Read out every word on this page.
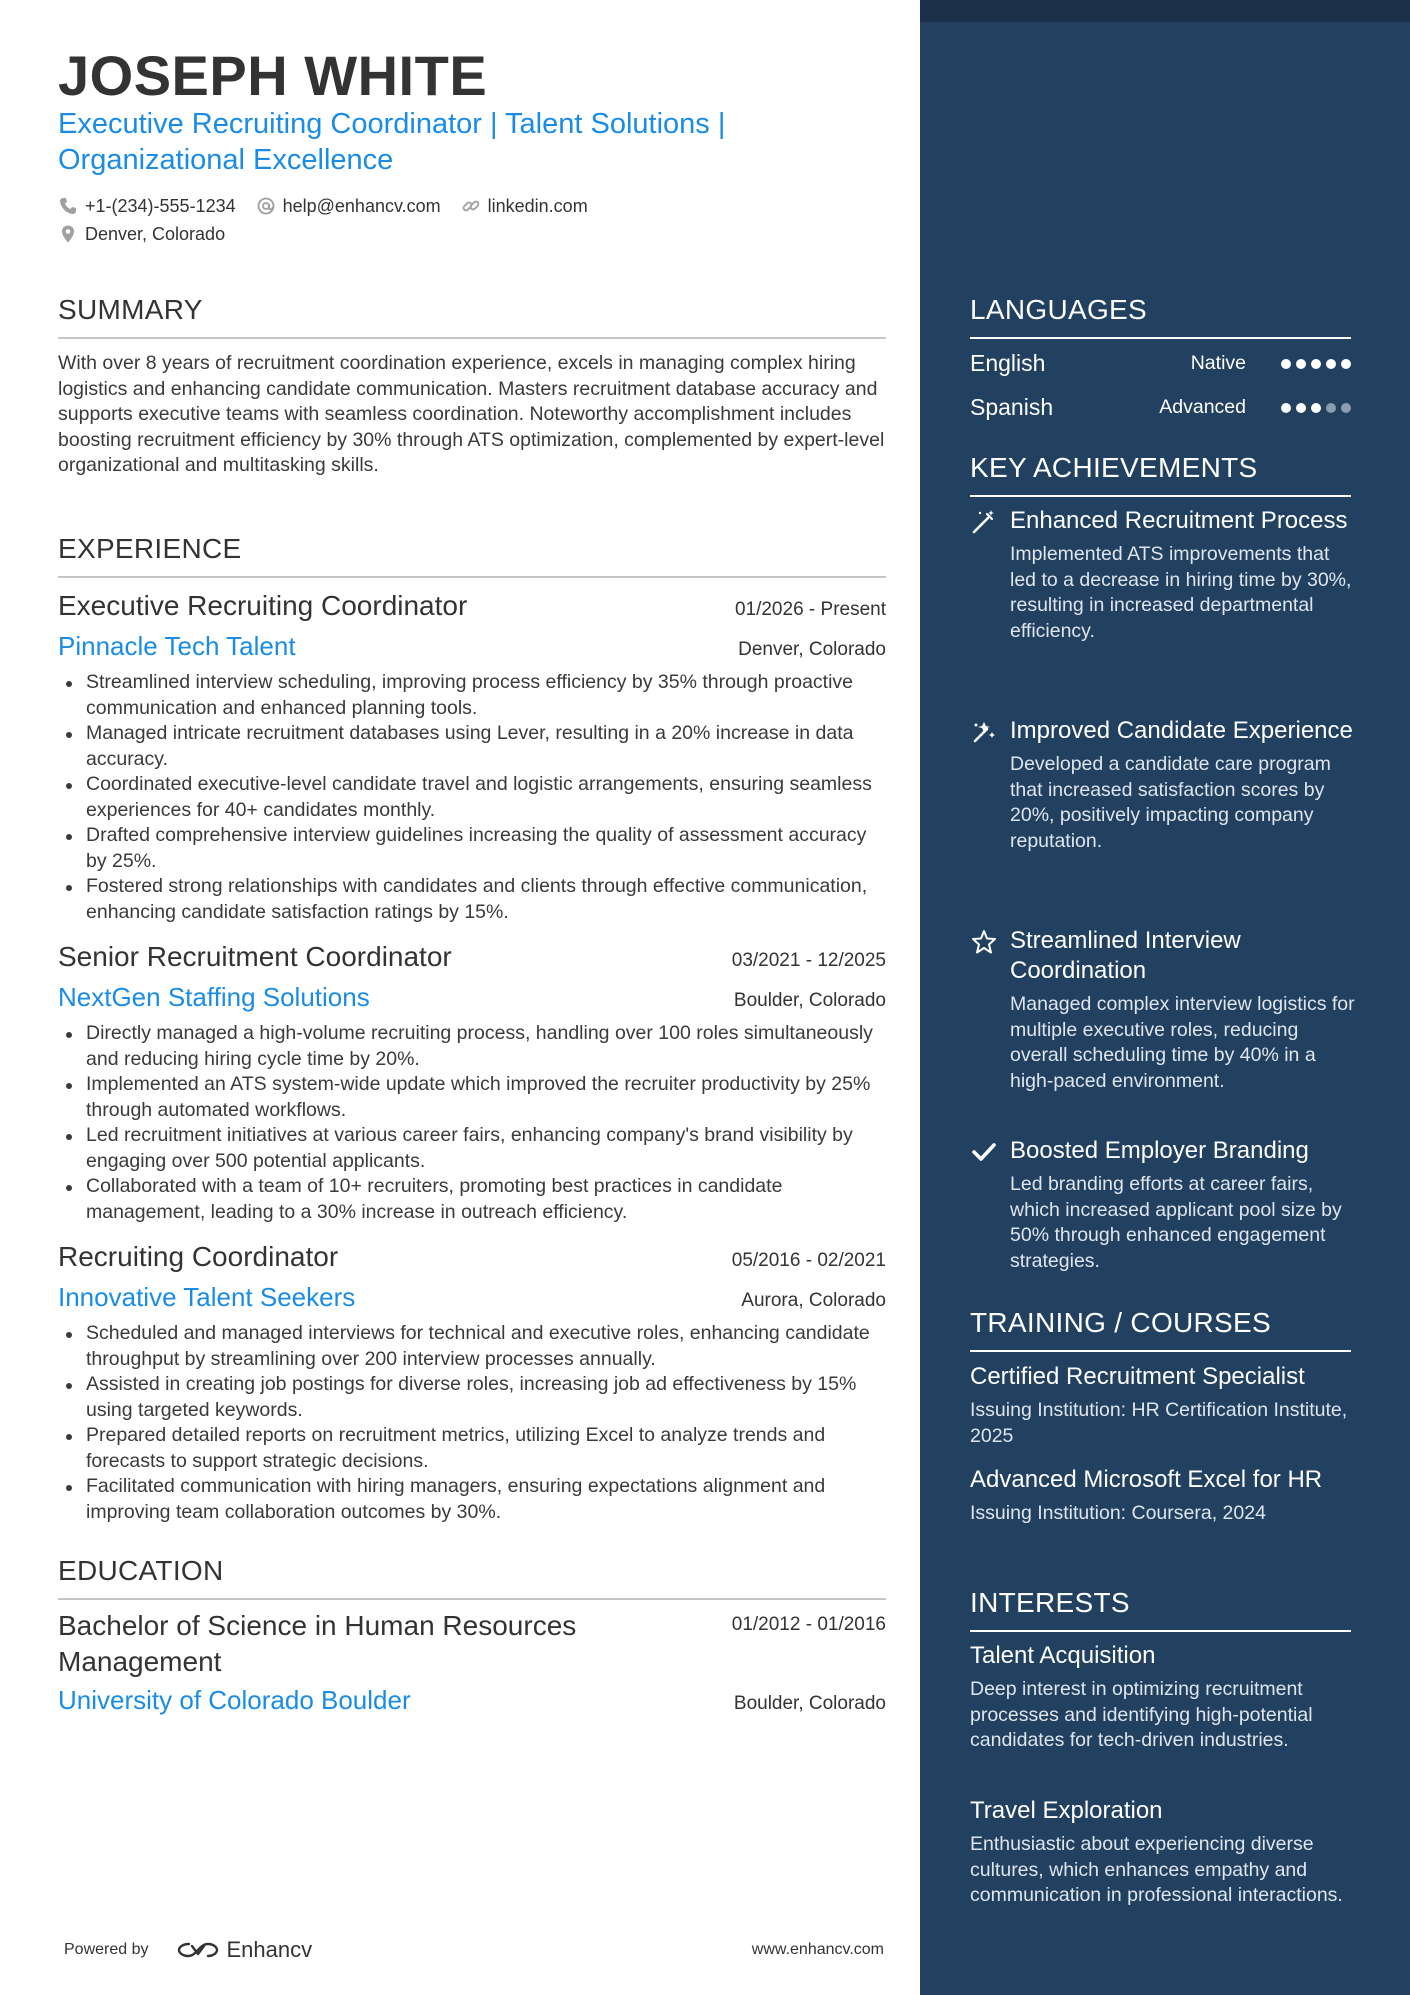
JOSEPH WHITE
Executive Recruiting Coordinator | Talent Solutions | Organizational Excellence
+1-(234)-555-1234	help@enhancv.com	linkedin.com
Denver, Colorado
SUMMARY
With over 8 years of recruitment coordination experience, excels in managing complex hiring logistics and enhancing candidate communication. Masters recruitment database accuracy and supports executive teams with seamless coordination. Noteworthy accomplishment includes boosting recruitment efficiency by 30% through ATS optimization, complemented by expert-level organizational and multitasking skills.
EXPERIENCE
Executive Recruiting Coordinator	01/2026 - Present
Pinnacle Tech Talent	Denver, Colorado
Streamlined interview scheduling, improving process efficiency by 35% through proactive communication and enhanced planning tools.
Managed intricate recruitment databases using Lever, resulting in a 20% increase in data accuracy.
Coordinated executive-level candidate travel and logistic arrangements, ensuring seamless experiences for 40+ candidates monthly.
Drafted comprehensive interview guidelines increasing the quality of assessment accuracy by 25%.
Fostered strong relationships with candidates and clients through effective communication, enhancing candidate satisfaction ratings by 15%.
Senior Recruitment Coordinator	03/2021 - 12/2025
NextGen Staffing Solutions	Boulder, Colorado
Directly managed a high-volume recruiting process, handling over 100 roles simultaneously and reducing hiring cycle time by 20%.
Implemented an ATS system-wide update which improved the recruiter productivity by 25% through automated workflows.
Led recruitment initiatives at various career fairs, enhancing company's brand visibility by engaging over 500 potential applicants.
Collaborated with a team of 10+ recruiters, promoting best practices in candidate management, leading to a 30% increase in outreach efficiency.
Recruiting Coordinator	05/2016 - 02/2021
Innovative Talent Seekers	Aurora, Colorado
Scheduled and managed interviews for technical and executive roles, enhancing candidate throughput by streamlining over 200 interview processes annually.
Assisted in creating job postings for diverse roles, increasing job ad effectiveness by 15% using targeted keywords.
Prepared detailed reports on recruitment metrics, utilizing Excel to analyze trends and forecasts to support strategic decisions.
Facilitated communication with hiring managers, ensuring expectations alignment and improving team collaboration outcomes by 30%.
EDUCATION
Bachelor of Science in Human Resources Management
01/2012 - 01/2016
University of Colorado Boulder	Boulder, Colorado
Powered by	Enhancv	www.enhancv.com
LANGUAGES
English	Native
Spanish	Advanced
KEY ACHIEVEMENTS
Enhanced Recruitment Process
Implemented ATS improvements that led to a decrease in hiring time by 30%, resulting in increased departmental efficiency.
Improved Candidate Experience
Developed a candidate care program that increased satisfaction scores by 20%, positively impacting company reputation.
Streamlined Interview Coordination
Managed complex interview logistics for multiple executive roles, reducing overall scheduling time by 40% in a high-paced environment.
Boosted Employer Branding
Led branding efforts at career fairs, which increased applicant pool size by 50% through enhanced engagement strategies.
TRAINING / COURSES
Certified Recruitment Specialist
Issuing Institution: HR Certification Institute, 2025
Advanced Microsoft Excel for HR
Issuing Institution: Coursera, 2024
INTERESTS
Talent Acquisition
Deep interest in optimizing recruitment processes and identifying high-potential candidates for tech-driven industries.
Travel Exploration
Enthusiastic about experiencing diverse cultures, which enhances empathy and communication in professional interactions.
